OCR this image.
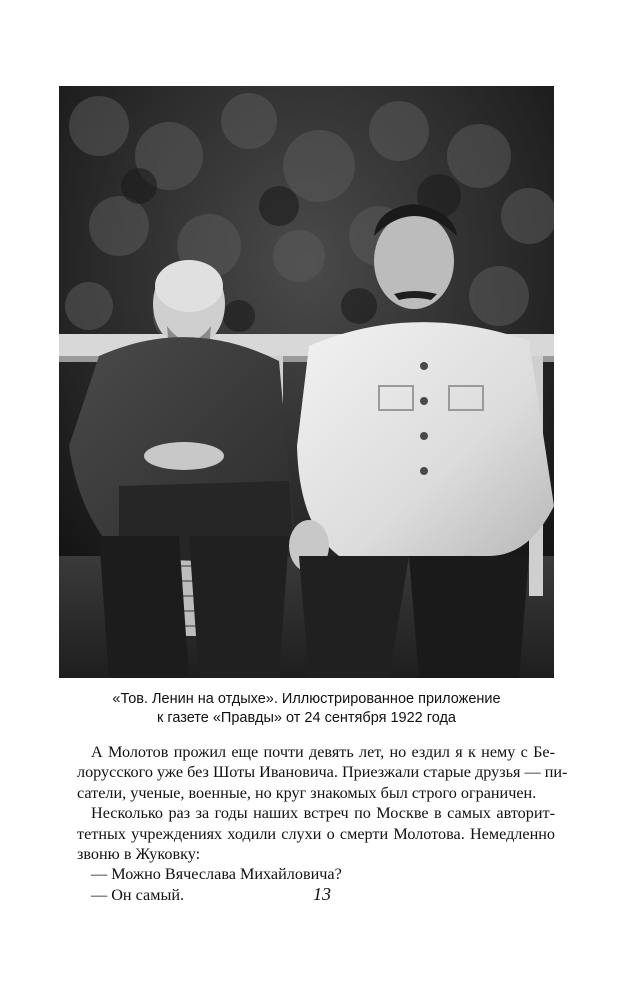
«Тов. Ленин на отдыхе». Иллюстрированное приложение
к газете «Правды» от 24 сентября 1922 года
А Молотов прожил еще почти девять лет, но ездил я к нему с Бе-
лорусского уже без Шоты Ивановича. Приезжали старые друзья — пи-
сатели, ученые, военные, но круг знакомых был строго ограничен.
Несколько раз за годы наших встреч по Москве в самых авторит-
тетных учреждениях ходили слухи о смерти Молотова. Немедленно
звоню в Жуковку:
— Можно Вячеслава Михайловича?
— Он самый.	13
